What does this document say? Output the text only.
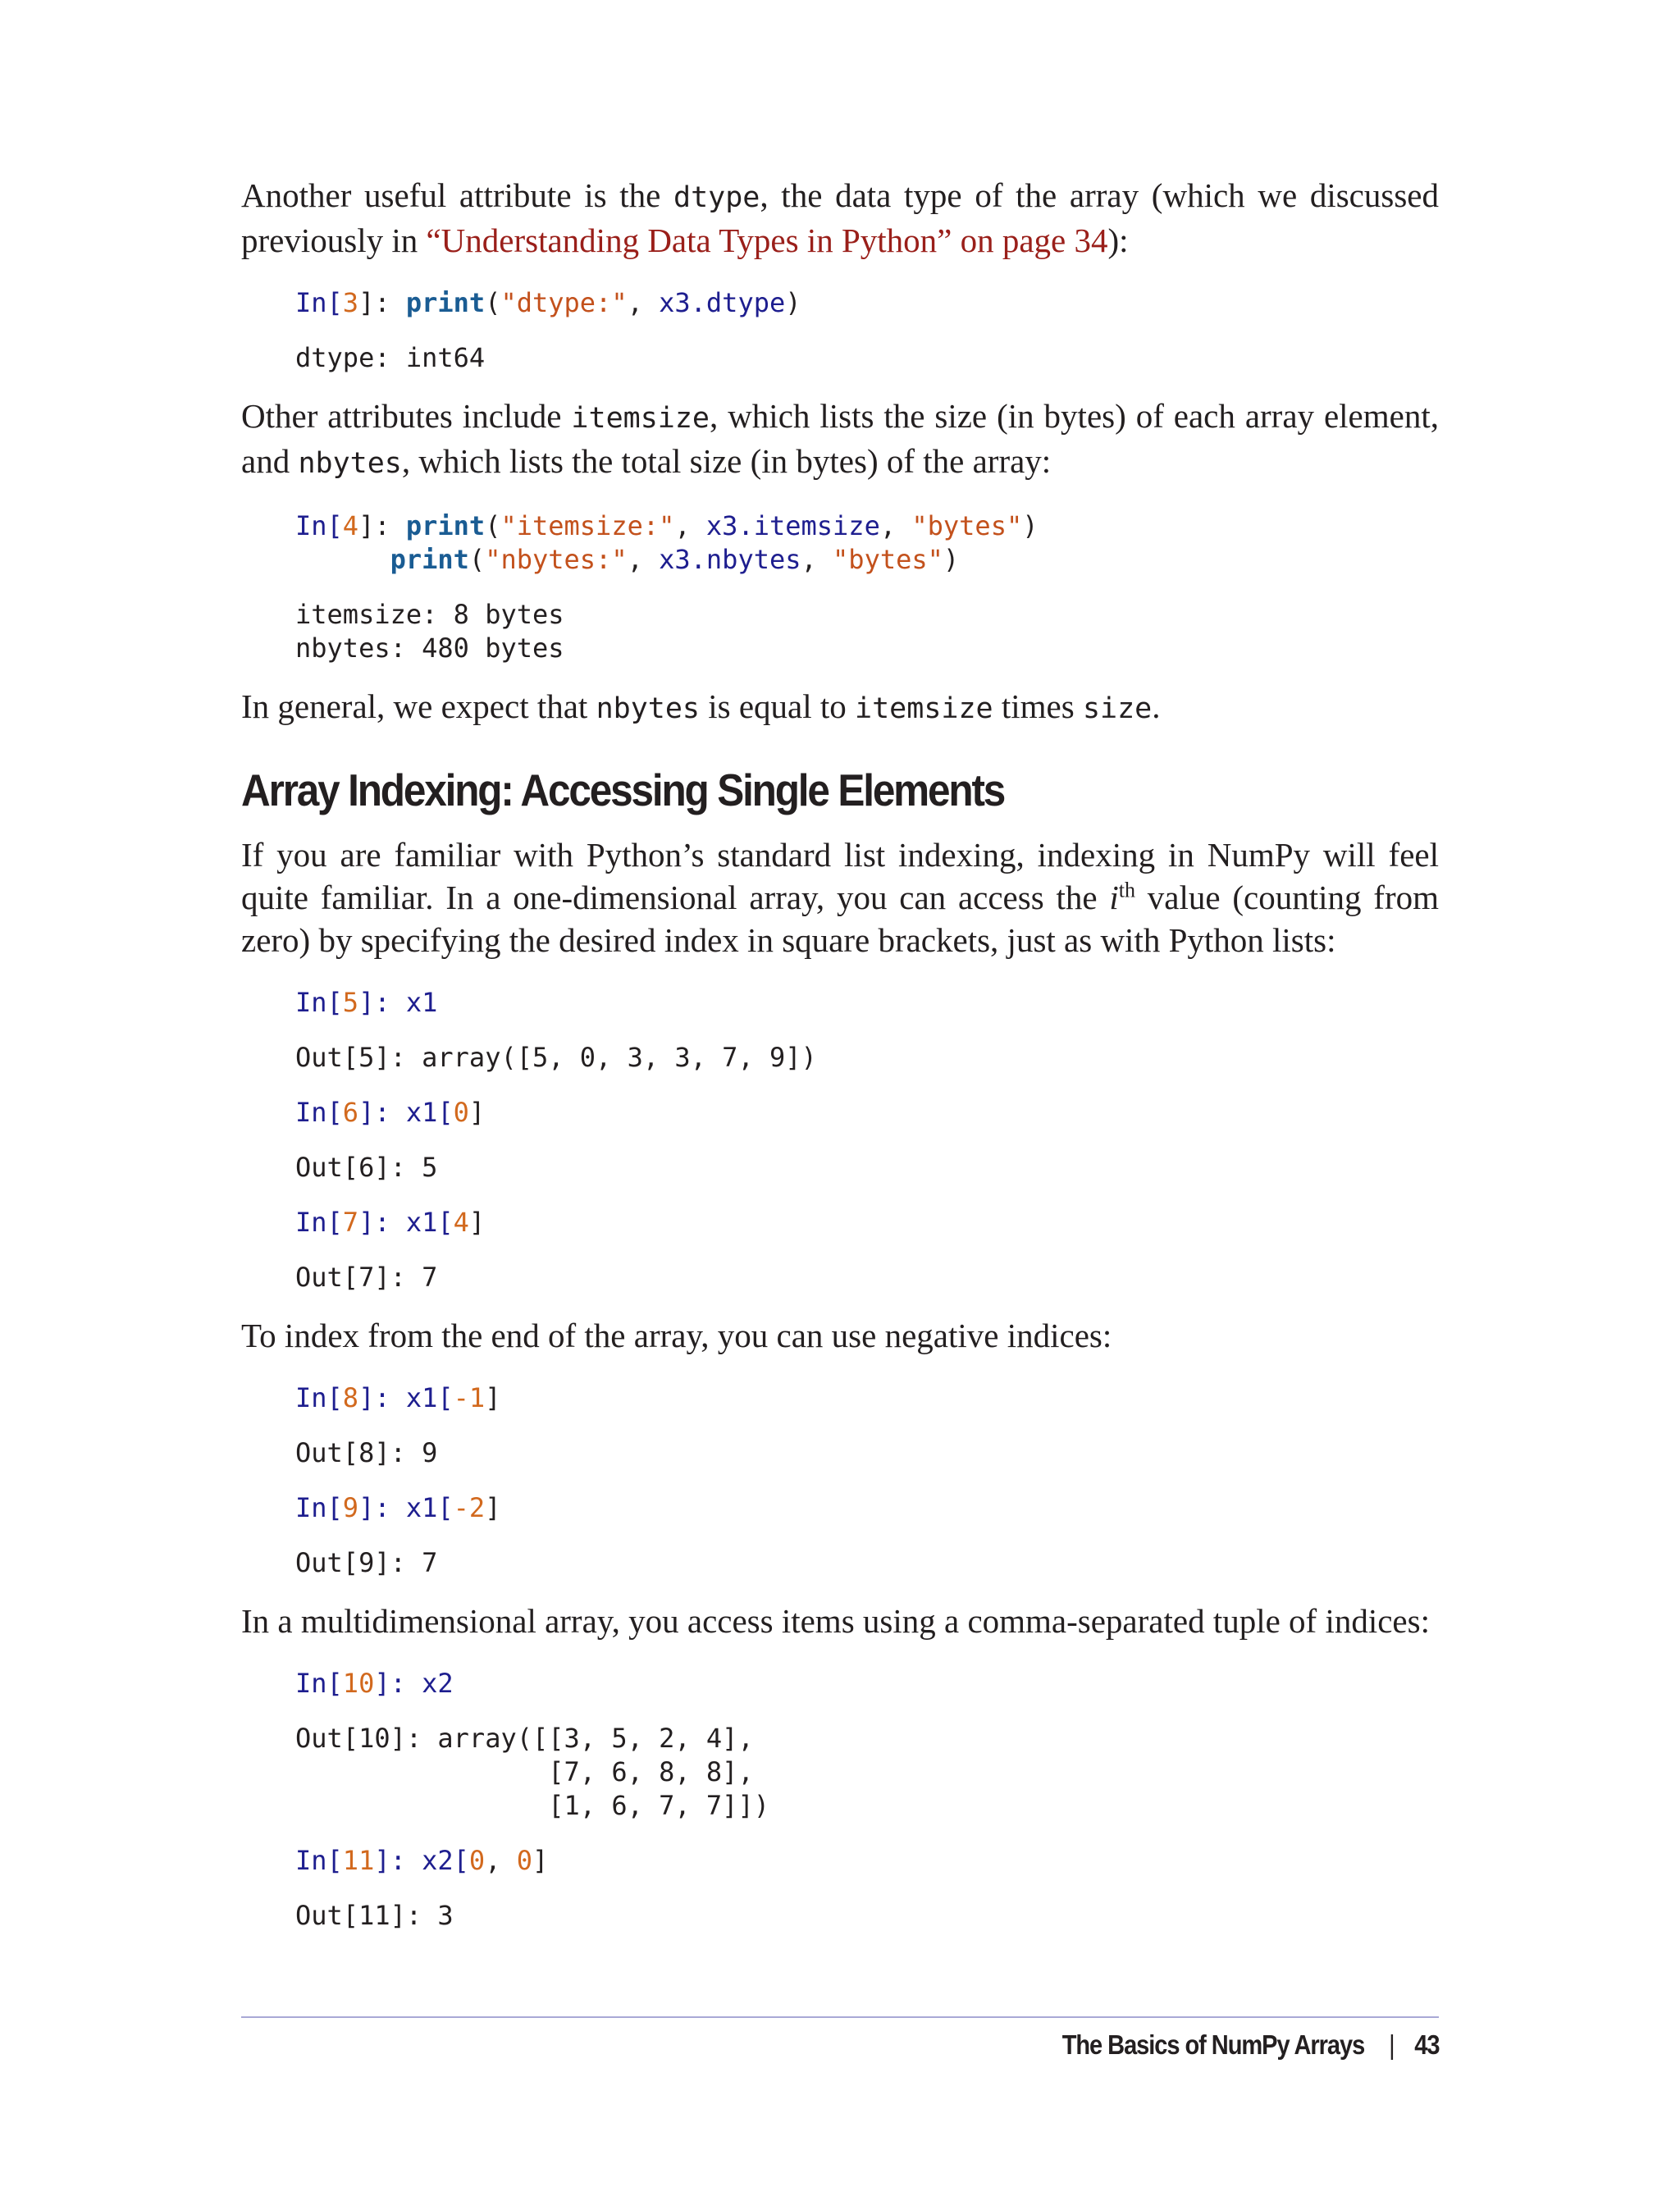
Another useful attribute is the dtype, the data type of the array (which we discussed previously in “Understanding Data Types in Python” on page 34):

In[3]: print("dtype:", x3.dtype)
dtype: int64

Other attributes include itemsize, which lists the size (in bytes) of each array element, and nbytes, which lists the total size (in bytes) of the array:

In[4]: print("itemsize:", x3.itemsize, "bytes")
print("nbytes:", x3.nbytes, "bytes")
itemsize: 8 bytes
nbytes: 480 bytes

In general, we expect that nbytes is equal to itemsize times size.

Array Indexing: Accessing Single Elements

If you are familiar with Python’s standard list indexing, indexing in NumPy will feel quite familiar. In a one-dimensional array, you can access the $i^{th}$ value (counting from zero) by specifying the desired index in square brackets, just as with Python lists:

In[5]: x1
Out[5]: array([5, 0, 3, 3, 7, 9])
In[6]: x1[0]
Out[6]: 5
In[7]: x1[4]
Out[7]: 7

To index from the end of the array, you can use negative indices:

In[8]: x1[-1]
Out[8]: 9
In[9]: x1[-2]
Out[9]: 7

In a multidimensional array, you access items using a comma-separated tuple of indices:

In[10]: x2
Out[10]: array([[3, 5, 2, 4],
[7, 6, 8, 8],
[1, 6, 7, 7]])
In[11]: x2[0, 0]
Out[11]: 3
The Basics of NumPy Arrays | 43
